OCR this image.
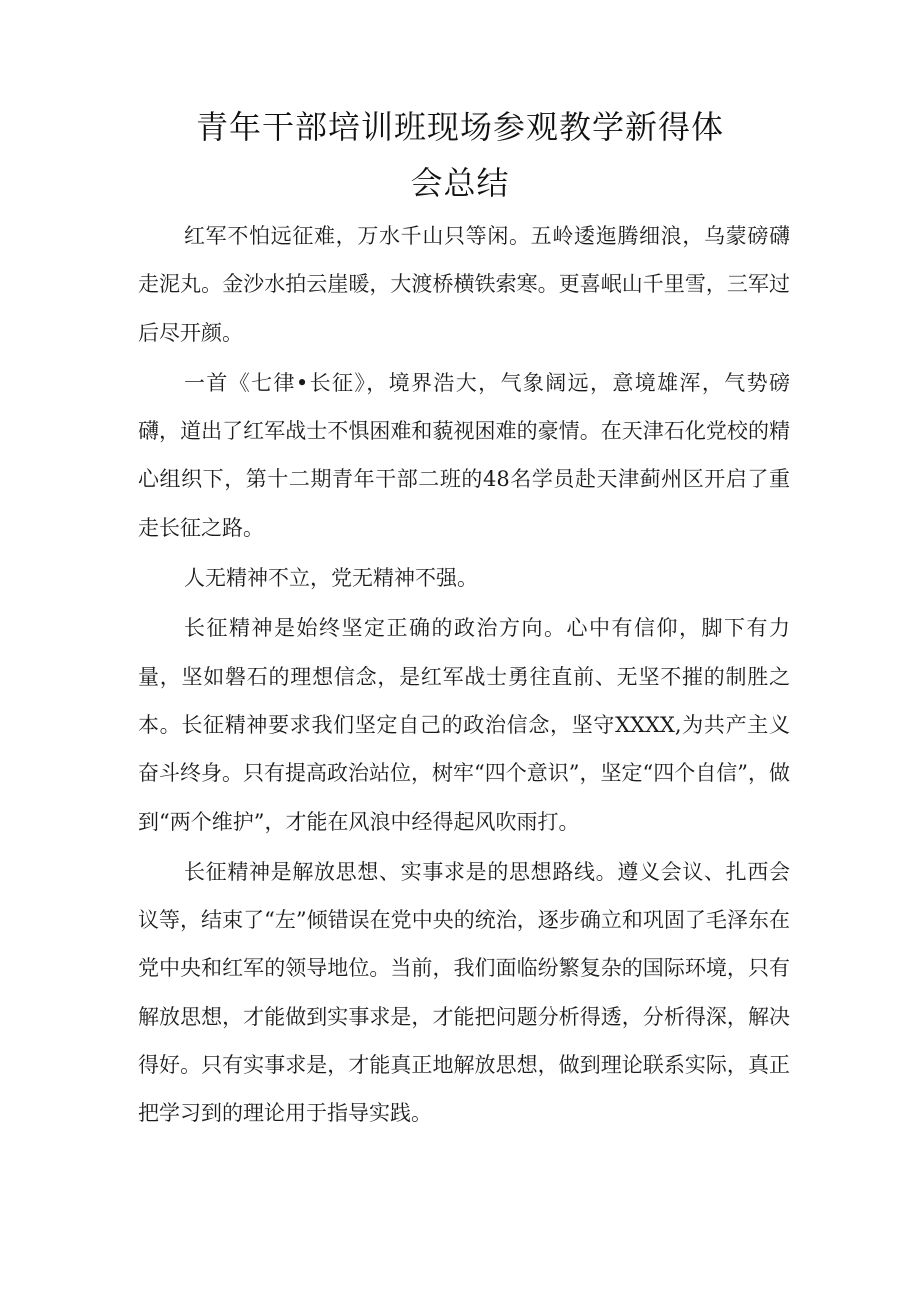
青年干部培训班现场参观教学新得体
会总结

红军不怕远征难，万水千山只等闲。五岭逶迤腾细浪，乌蒙磅礴走泥丸。金沙水拍云崖暖，大渡桥横铁索寒。更喜岷山千里雪，三军过后尽开颜。

一首《七律•长征》，境界浩大，气象阔远，意境雄浑，气势磅礴，道出了红军战士不惧困难和藐视困难的豪情。在天津石化党校的精心组织下，第十二期青年干部二班的48名学员赴天津蓟州区开启了重走长征之路。

人无精神不立，党无精神不强。

长征精神是始终坚定正确的政治方向。心中有信仰，脚下有力量，坚如磐石的理想信念，是红军战士勇往直前、无坚不摧的制胜之本。长征精神要求我们坚定自己的政治信念，坚守XXXX,为共产主义奋斗终身。只有提高政治站位，树牢“四个意识”，坚定“四个自信”，做到“两个维护”，才能在风浪中经得起风吹雨打。

长征精神是解放思想、实事求是的思想路线。遵义会议、扎西会议等，结束了“左”倾错误在党中央的统治，逐步确立和巩固了毛泽东在党中央和红军的领导地位。当前，我们面临纷繁复杂的国际环境，只有解放思想，才能做到实事求是，才能把问题分析得透，分析得深，解决得好。只有实事求是，才能真正地解放思想，做到理论联系实际，真正把学习到的理论用于指导实践。
